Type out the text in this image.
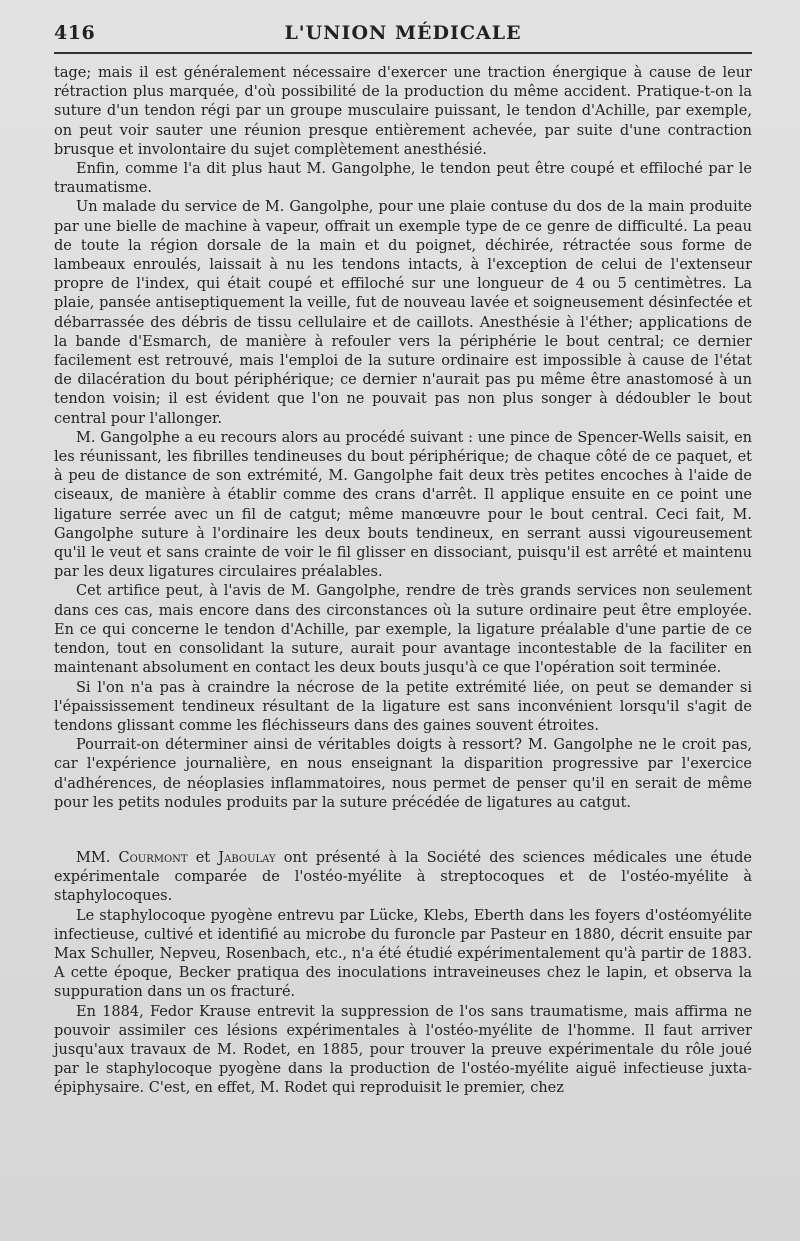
416	L'UNION MÉDICALE

tage; mais il est généralement nécessaire d'exercer une traction énergique à cause de leur rétraction plus marquée, d'où possibilité de la production du même accident. Pratique-t-on la suture d'un tendon régi par un groupe musculaire puissant, le tendon d'Achille, par exemple, on peut voir sauter une réunion presque entièrement achevée, par suite d'une contraction brusque et involontaire du sujet complètement anesthésié.

Enfin, comme l'a dit plus haut M. Gangolphe, le tendon peut être coupé et effiloché par le traumatisme.

Un malade du service de M. Gangolphe, pour une plaie contuse du dos de la main produite par une bielle de machine à vapeur, offrait un exemple type de ce genre de difficulté. La peau de toute la région dorsale de la main et du poignet, déchirée, rétractée sous forme de lambeaux enroulés, laissait à nu les tendons intacts, à l'exception de celui de l'extenseur propre de l'index, qui était coupé et effiloché sur une longueur de 4 ou 5 centimètres. La plaie, pansée antiseptiquement la veille, fut de nouveau lavée et soigneusement désinfectée et débarrassée des débris de tissu cellulaire et de caillots. Anesthésie à l'éther; applications de la bande d'Esmarch, de manière à refouler vers la périphérie le bout central; ce dernier facilement est retrouvé, mais l'emploi de la suture ordinaire est impossible à cause de l'état de dilacération du bout périphérique; ce dernier n'aurait pas pu même être anastomosé à un tendon voisin; il est évident que l'on ne pouvait pas non plus songer à dédoubler le bout central pour l'allonger.

M. Gangolphe a eu recours alors au procédé suivant : une pince de Spencer-Wells saisit, en les réunissant, les fibrilles tendineuses du bout périphérique; de chaque côté de ce paquet, et à peu de distance de son extrémité, M. Gangolphe fait deux très petites encoches à l'aide de ciseaux, de manière à établir comme des crans d'arrêt. Il applique ensuite en ce point une ligature serrée avec un fil de catgut; même manœuvre pour le bout central. Ceci fait, M. Gangolphe suture à l'ordinaire les deux bouts tendineux, en serrant aussi vigoureusement qu'il le veut et sans crainte de voir le fil glisser en dissociant, puisqu'il est arrêté et maintenu par les deux ligatures circulaires préalables.

Cet artifice peut, à l'avis de M. Gangolphe, rendre de très grands services non seulement dans ces cas, mais encore dans des circonstances où la suture ordinaire peut être employée. En ce qui concerne le tendon d'Achille, par exemple, la ligature préalable d'une partie de ce tendon, tout en consolidant la suture, aurait pour avantage incontestable de la faciliter en maintenant absolument en contact les deux bouts jusqu'à ce que l'opération soit terminée.

Si l'on n'a pas à craindre la nécrose de la petite extrémité liée, on peut se demander si l'épaississement tendineux résultant de la ligature est sans inconvénient lorsqu'il s'agit de tendons glissant comme les fléchisseurs dans des gaines souvent étroites.

Pourrait-on déterminer ainsi de véritables doigts à ressort? M. Gangolphe ne le croit pas, car l'expérience journalière, en nous enseignant la disparition progressive par l'exercice d'adhérences, de néoplasies inflammatoires, nous permet de penser qu'il en serait de même pour les petits nodules produits par la suture précédée de ligatures au catgut.

MM. Courmont et Jaboulay ont présenté à la Société des sciences médicales une étude expérimentale comparée de l'ostéo-myélite à streptocoques et de l'ostéo-myélite à staphylocoques.

Le staphylocoque pyogène entrevu par Lücke, Klebs, Eberth dans les foyers d'ostéomyélite infectieuse, cultivé et identifié au microbe du furoncle par Pasteur en 1880, décrit ensuite par Max Schuller, Nepveu, Rosenbach, etc., n'a été étudié expérimentalement qu'à partir de 1883. A cette époque, Becker pratiqua des inoculations intraveineuses chez le lapin, et observa la suppuration dans un os fracturé.

En 1884, Fedor Krause entrevit la suppression de l'os sans traumatisme, mais affirma ne pouvoir assimiler ces lésions expérimentales à l'ostéo-myélite de l'homme. Il faut arriver jusqu'aux travaux de M. Rodet, en 1885, pour trouver la preuve expérimentale du rôle joué par le staphylocoque pyogène dans la production de l'ostéo-myélite aiguë infectieuse juxta-épiphysaire. C'est, en effet, M. Rodet qui reproduisit le premier, chez
